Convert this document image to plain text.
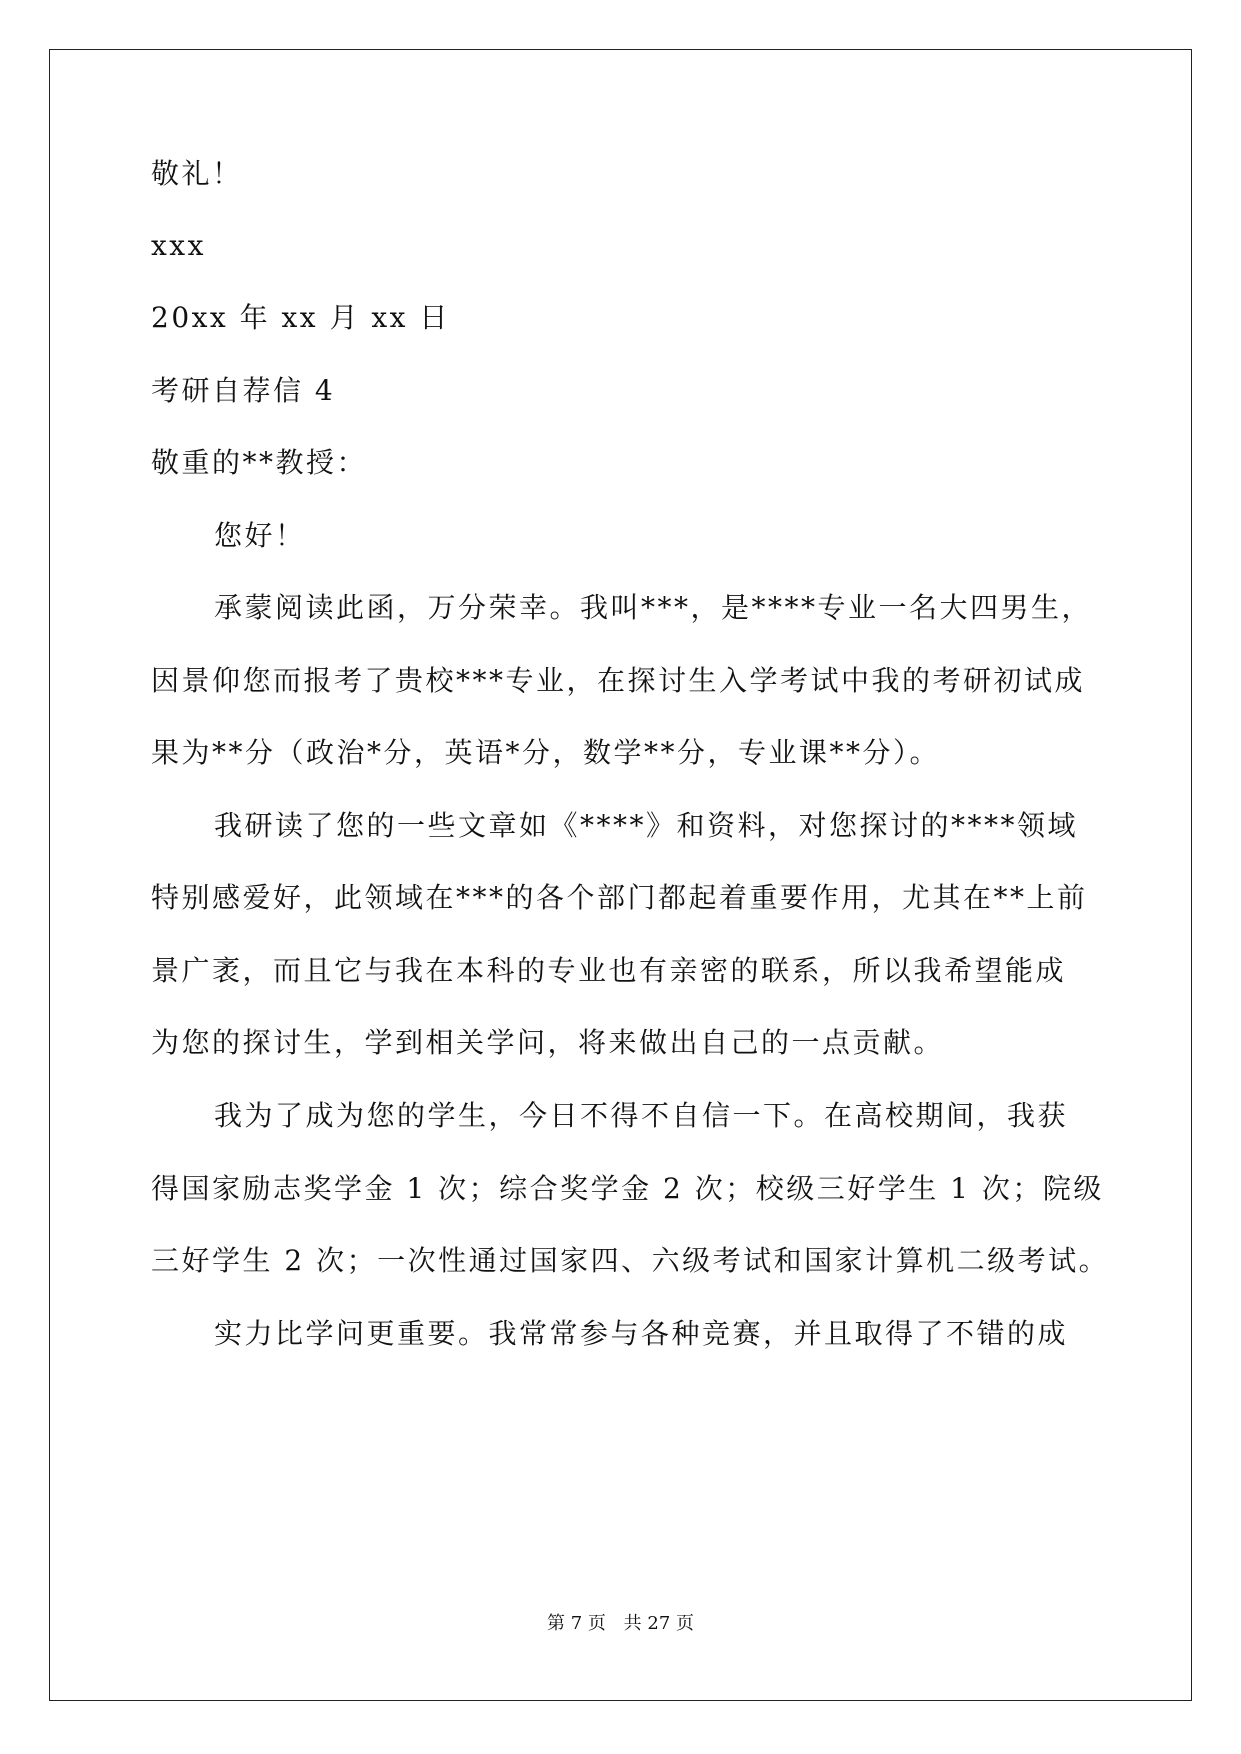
敬礼！

xxx

20xx 年 xx 月 xx 日

考研自荐信 4

敬重的**教授：

您好！

承蒙阅读此函，万分荣幸。我叫***，是****专业一名大四男生，

因景仰您而报考了贵校***专业，在探讨生入学考试中我的考研初试成

果为**分（政治*分，英语*分，数学**分，专业课**分）。

我研读了您的一些文章如《****》和资料，对您探讨的****领域

特别感爱好，此领域在***的各个部门都起着重要作用，尤其在**上前

景广袤，而且它与我在本科的专业也有亲密的联系，所以我希望能成

为您的探讨生，学到相关学问，将来做出自己的一点贡献。

我为了成为您的学生，今日不得不自信一下。在高校期间，我获

得国家励志奖学金 1 次；综合奖学金 2 次；校级三好学生 1 次；院级

三好学生 2 次；一次性通过国家四、六级考试和国家计算机二级考试。

实力比学问更重要。我常常参与各种竞赛，并且取得了不错的成

第 7 页 共 27 页
